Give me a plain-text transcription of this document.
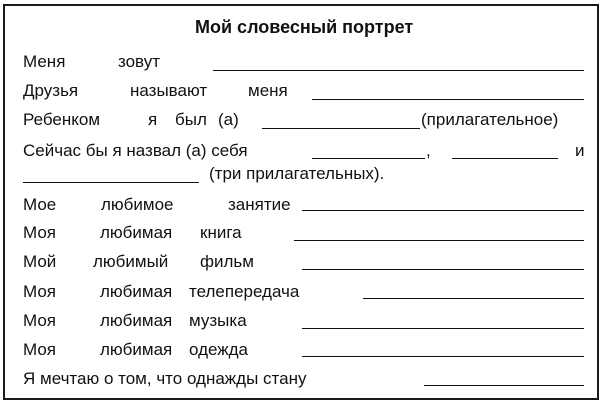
Мой словесный портрет

Меня	зовут

Друзья	называют меня

Ребенком	я был (а)	(прилагательное)

Сейчас бы я назвал (а) себя	,	и

(три прилагательных).

Мое	любимое	занятие

Моя	любимая книга

Мой любимый фильм

Моя	любимая телепередача

Моя	любимая музыка

Моя	любимая одежда

Я мечтаю о том, что однажды стану
